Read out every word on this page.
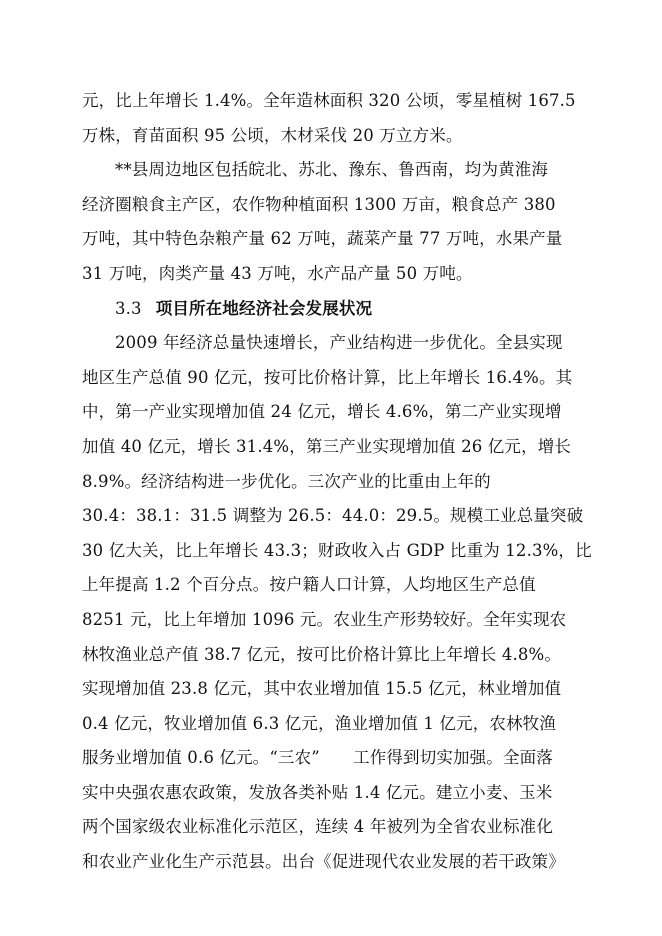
元，比上年增长 1.4%。全年造林面积 320 公顷，零星植树 167.5
万株，育苗面积 95 公顷，木材采伐 20 万立方米。
**县周边地区包括皖北、苏北、豫东、鲁西南，均为黄淮海
经济圈粮食主产区，农作物种植面积 1300 万亩，粮食总产 380
万吨，其中特色杂粮产量 62 万吨，蔬菜产量 77 万吨，水果产量
31 万吨，肉类产量 43 万吨，水产品产量 50 万吨。
3.3 项目所在地经济社会发展状况
2009 年经济总量快速增长，产业结构进一步优化。全县实现
地区生产总值 90 亿元，按可比价格计算，比上年增长 16.4%。其
中，第一产业实现增加值 24 亿元，增长 4.6%，第二产业实现增
加值 40 亿元，增长 31.4%，第三产业实现增加值 26 亿元，增长
8.9%。经济结构进一步优化。三次产业的比重由上年的
30.4：38.1：31.5 调整为 26.5：44.0：29.5。规模工业总量突破
30 亿大关，比上年增长 43.3；财政收入占 GDP 比重为 12.3%，比
上年提高 1.2 个百分点。按户籍人口计算，人均地区生产总值
8251 元，比上年增加 1096 元。农业生产形势较好。全年实现农
林牧渔业总产值 38.7 亿元，按可比价格计算比上年增长 4.8%。
实现增加值 23.8 亿元，其中农业增加值 15.5 亿元，林业增加值
0.4 亿元，牧业增加值 6.3 亿元，渔业增加值 1 亿元，农林牧渔
服务业增加值 0.6 亿元。“三农”　　工作得到切实加强。全面落
实中央强农惠农政策，发放各类补贴 1.4 亿元。建立小麦、玉米
两个国家级农业标准化示范区，连续 4 年被列为全省农业标准化
和农业产业化生产示范县。出台《促进现代农业发展的若干政策》
